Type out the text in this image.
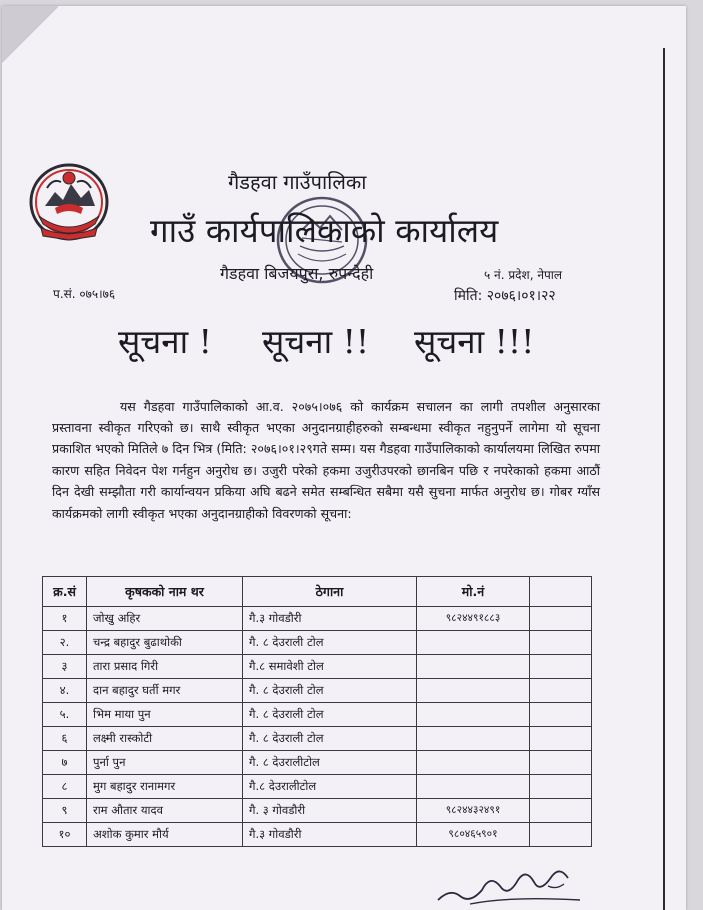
गैडहवा गाउँपालिका
गाउँ कार्यपालिकाको कार्यालय
गैडहवा बिजयपुरा, रुपन्देही	५ नं. प्रदेश, नेपाल
प.सं. ०७५।७६	मिति: २०७६।०१।२२
सूचना ! सूचना !! सूचना !!!

यस गैडहवा गाउँपालिकाको आ.व. २०७५।०७६ को कार्यक्रम सचालन का लागी तपशील अनुसारका प्रस्तावना स्वीकृत गरिएको छ। साथै स्वीकृत भएका अनुदानग्राहीहरुको सम्बन्धमा स्वीकृत नहुनुपर्ने लागेमा यो सूचना प्रकाशित भएको मितिले ७ दिन भित्र (मिति: २०७६।०१।२९गते सम्म। यस गैडहवा गाउँपालिकाको कार्यालयमा लिखित रुपमा कारण सहित निवेदन पेश गर्नहुन अनुरोध छ। उजुरी परेको हकमा उजुरीउपरको छानबिन पछि र नपरेकाको हकमा आठौं दिन देखी सम्झौता गरी कार्यान्वयन प्रकिया अघि बढने समेत सम्बन्धित सबैमा यसै सुचना मार्फत अनुरोध छ। गोबर ग्याँस कार्यक्रमको लागी स्वीकृत भएका अनुदानग्राहीको विवरणको सूचना:

क्र.सं	कृषकको नाम थर	ठेगाना	मो.नं	
१	जोखु अहिर	गै.३ गोवडौरी	९८२४४९१८८३	
२.	चन्द्र बहादुर बुढाथोकी	गै. ८ देउराली टोल		
३	तारा प्रसाद गिरी	गै.८ समावेशी टोल		
४.	दान बहादुर घर्ती मगर	गै. ८ देउराली टोल		
५.	भिम माया पुन	गै. ८ देउराली टोल		
६	लक्ष्मी रास्कोटी	गै. ८ देउराली टोल		
७	पुर्ना पुन	गै. ८ देउरालीटोल		
८	मुग बहादुर रानामगर	गै.८ देउरालीटोल		
९	राम औतार यादव	गै. ३ गोवडौरी	९८२४४३२४९१	
१०	अशोक कुमार मौर्य	गै.३ गोवडौरी	९८०४६५९०१	
